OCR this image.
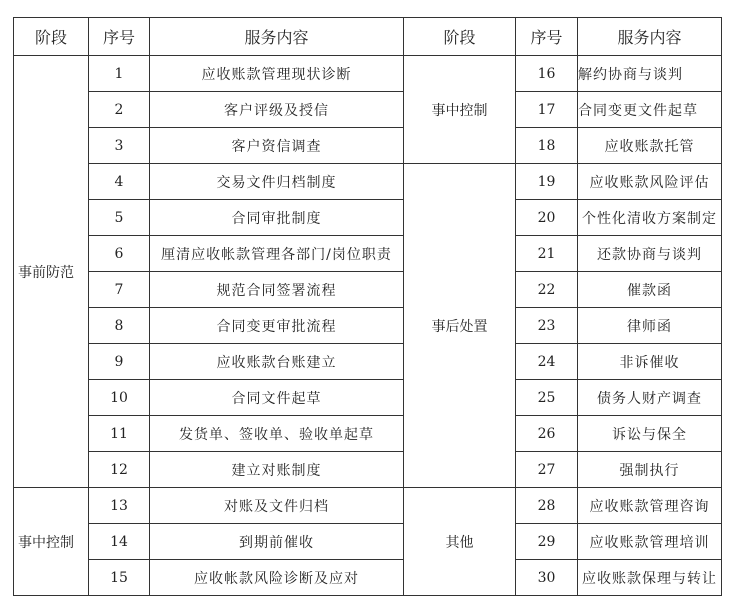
阶段	序号	服务内容	阶段	序号	服务内容
事前防范	1	应收账款管理现状诊断	事中控制	16	解约协商与谈判
	2	客户评级及授信		17	合同变更文件起草
	3	客户资信调查		18	应收账款托管
	4	交易文件归档制度	事后处置	19	应收账款风险评估
	5	合同审批制度		20	个性化清收方案制定
	6	厘清应收帐款管理各部门/岗位职责		21	还款协商与谈判
	7	规范合同签署流程		22	催款函
	8	合同变更审批流程		23	律师函
	9	应收账款台账建立		24	非诉催收
	10	合同文件起草		25	债务人财产调查
	11	发货单、签收单、验收单起草		26	诉讼与保全
	12	建立对账制度		27	强制执行
事中控制	13	对账及文件归档	其他	28	应收账款管理咨询
	14	到期前催收		29	应收账款管理培训
	15	应收帐款风险诊断及应对		30	应收账款保理与转让
